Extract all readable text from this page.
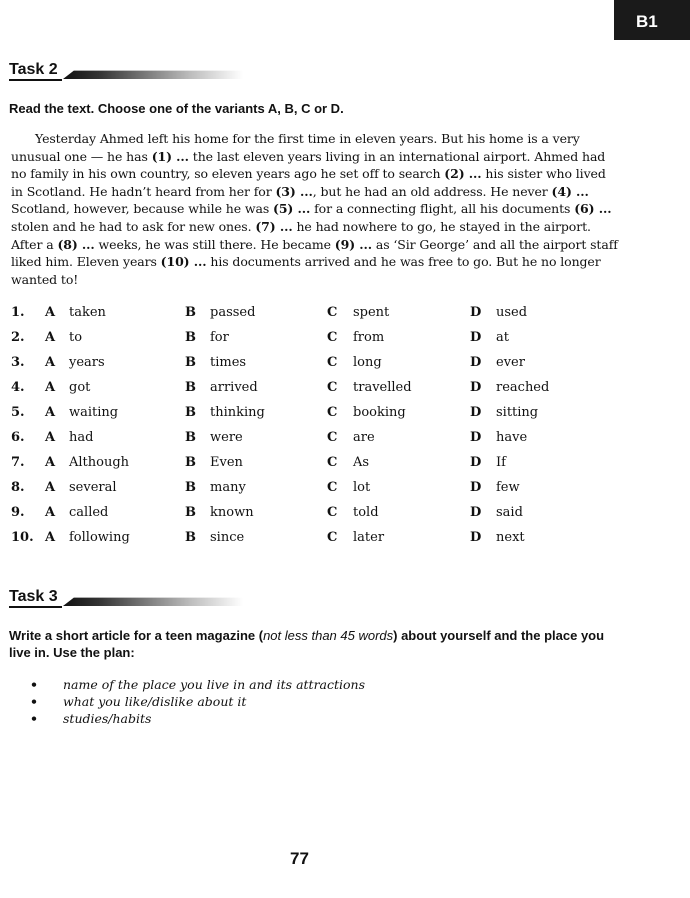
B1
Task 2
Read the text. Choose one of the variants A, B, C or D.
Yesterday Ahmed left his home for the first time in eleven years. But his home is a very
unusual one — he has (1) ... the last eleven years living in an international airport. Ahmed had
no family in his own country, so eleven years ago he set off to search (2) ... his sister who lived
in Scotland. He hadn’t heard from her for (3) ..., but he had an old address. He never (4) ...
Scotland, however, because while he was (5) ... for a connecting flight, all his documents (6) ...
stolen and he had to ask for new ones. (7) ... he had nowhere to go, he stayed in the airport.
After a (8) ... weeks, he was still there. He became (9) ... as ‘Sir George’ and all the airport staff
liked him. Eleven years (10) ... his documents arrived and he was free to go. But he no longer
wanted to!
1. A taken	B passed	C spent	D used
2. A to	B for	C from	D at
3. A years	B times	C long	D ever
4. A got	B arrived	C travelled	D reached
5. A waiting	B thinking	C booking	D sitting
6. A had	B were	C are	D have
7. A Although	B Even	C As	D If
8. A several	B many	C lot	D few
9. A called	B known	C told	D said
10. A following	B since	C later	D next
Task 3
Write a short article for a teen magazine (not less than 45 words) about yourself and the place you live in. Use the plan:
• name of the place you live in and its attractions
• what you like/dislike about it
• studies/habits
77
